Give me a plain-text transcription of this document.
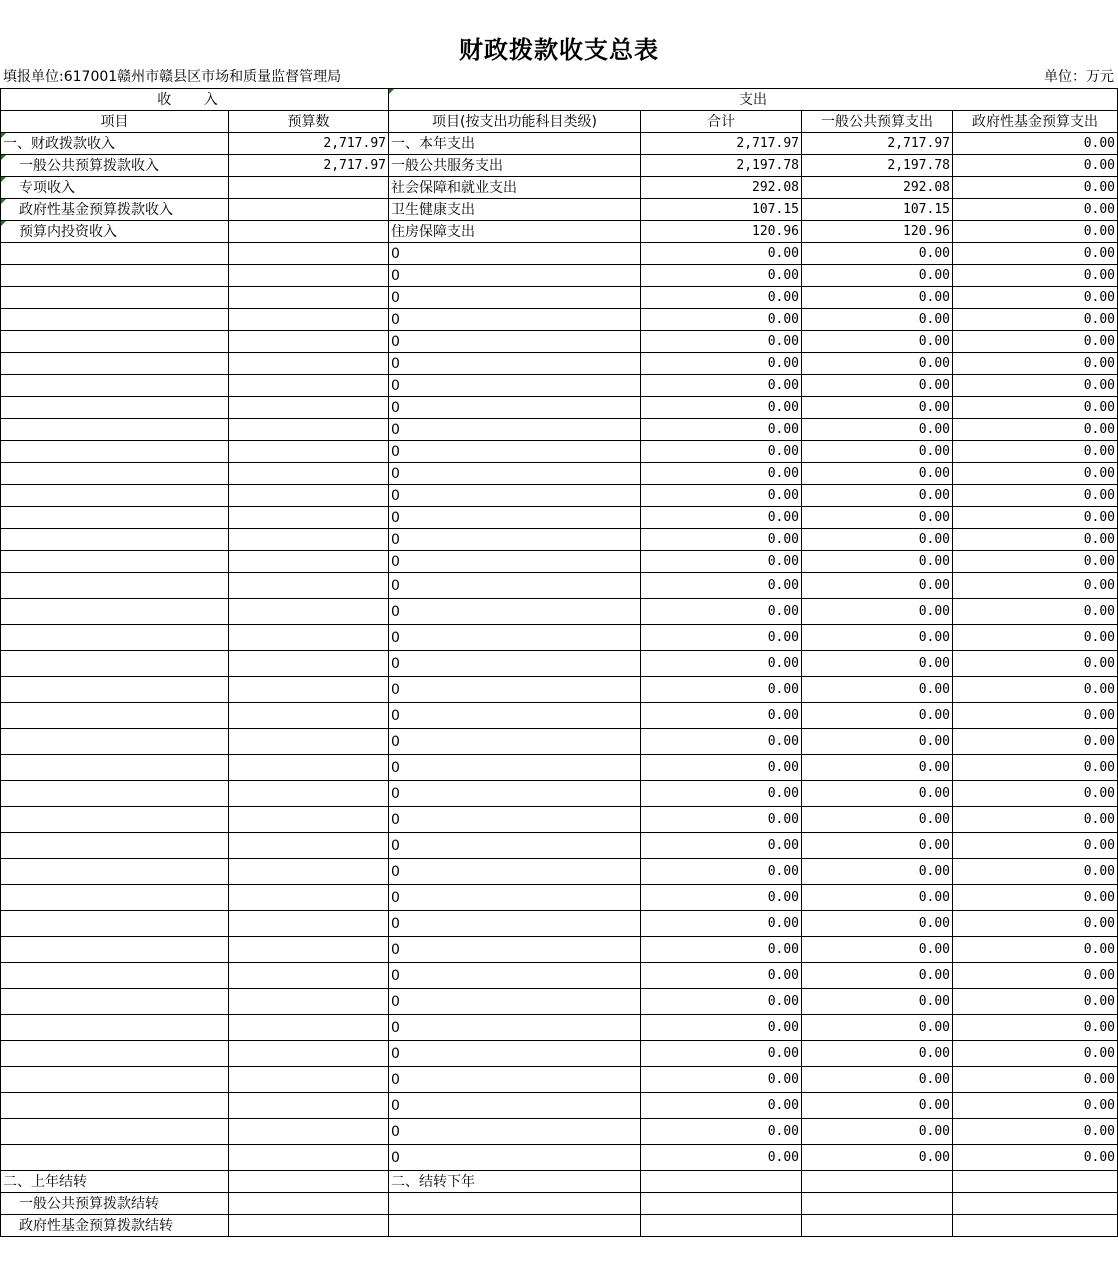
财政拨款收支总表
填报单位:617001赣州市赣县区市场和质量监督管理局	单位：万元
收 入		支出			
项目	预算数	项目(按支出功能科目类级)	合计	一般公共预算支出	政府性基金预算支出
一、财政拨款收入	2,717.97	一、本年支出	2,717.97	2,717.97	0.00
一般公共预算拨款收入	2,717.97	一般公共服务支出	2,197.78	2,197.78	0.00
专项收入		社会保障和就业支出	292.08	292.08	0.00
政府性基金预算拨款收入		卫生健康支出	107.15	107.15	0.00
预算内投资收入		住房保障支出	120.96	120.96	0.00
		0	0.00	0.00	0.00
		0	0.00	0.00	0.00
		0	0.00	0.00	0.00
		0	0.00	0.00	0.00
		0	0.00	0.00	0.00
		0	0.00	0.00	0.00
		0	0.00	0.00	0.00
		0	0.00	0.00	0.00
		0	0.00	0.00	0.00
		0	0.00	0.00	0.00
		0	0.00	0.00	0.00
		0	0.00	0.00	0.00
		0	0.00	0.00	0.00
		0	0.00	0.00	0.00
		0	0.00	0.00	0.00
		0	0.00	0.00	0.00
		0	0.00	0.00	0.00
		0	0.00	0.00	0.00
		0	0.00	0.00	0.00
		0	0.00	0.00	0.00
		0	0.00	0.00	0.00
		0	0.00	0.00	0.00
		0	0.00	0.00	0.00
		0	0.00	0.00	0.00
		0	0.00	0.00	0.00
		0	0.00	0.00	0.00
		0	0.00	0.00	0.00
		0	0.00	0.00	0.00
		0	0.00	0.00	0.00
		0	0.00	0.00	0.00
		0	0.00	0.00	0.00
		0	0.00	0.00	0.00
		0	0.00	0.00	0.00
		0	0.00	0.00	0.00
		0	0.00	0.00	0.00
		0	0.00	0.00	0.00
		0	0.00	0.00	0.00
		0	0.00	0.00	0.00
二、上年结转		二、结转下年			
一般公共预算拨款结转					
政府性基金预算拨款结转					
